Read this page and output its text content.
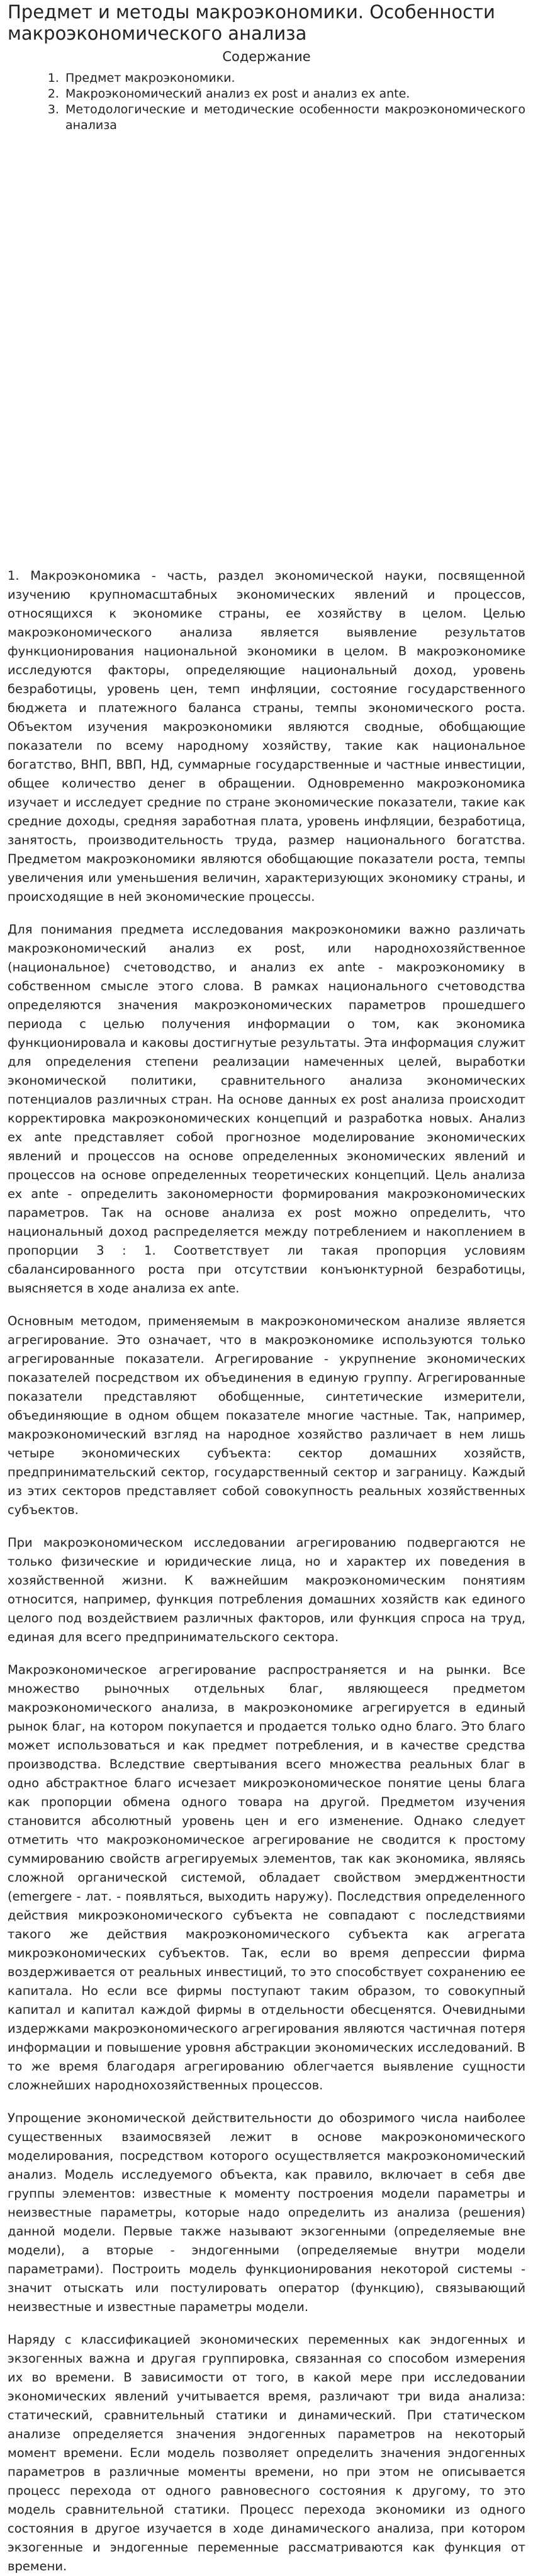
Предмет и методы макроэкономики. Особенности макроэкономического анализа
Содержание
1. Предмет макроэкономики.
2. Макроэкономический анализ ex post и анализ ex ante.
3. Методологические и методические особенности макроэкономического анализа

1. Макроэкономика - часть, раздел экономической науки, посвященной изучению крупномасштабных экономических явлений и процессов, относящихся к экономике страны, ее хозяйству в целом. Целью макроэкономического анализа является выявление результатов функционирования национальной экономики в целом. В макроэкономике исследуются факторы, определяющие национальный доход, уровень безработицы, уровень цен, темп инфляции, состояние государственного бюджета и платежного баланса страны, темпы экономического роста. Объектом изучения макроэкономики являются сводные, обобщающие показатели по всему народному хозяйству, такие как национальное богатство, ВНП, ВВП, НД, суммарные государственные и частные инвестиции, общее количество денег в обращении. Одновременно макроэкономика изучает и исследует средние по стране экономические показатели, такие как средние доходы, средняя заработная плата, уровень инфляции, безработица, занятость, производительность труда, размер национального богатства. Предметом макроэкономики являются обобщающие показатели роста, темпы увеличения или уменьшения величин, характеризующих экономику страны, и происходящие в ней экономические процессы.

Для понимания предмета исследования макроэкономики важно различать макроэкономический анализ ex post, или народнохозяйственное (национальное) счетоводство, и анализ ex ante - макроэкономику в собственном смысле этого слова. В рамках национального счетоводства определяются значения макроэкономических параметров прошедшего периода с целью получения информации о том, как экономика функционировала и каковы достигнутые результаты. Эта информация служит для определения степени реализации намеченных целей, выработки экономической политики, сравнительного анализа экономических потенциалов различных стран. На основе данных ex post анализа происходит корректировка макроэкономических концепций и разработка новых. Анализ ex ante представляет собой прогнозное моделирование экономических явлений и процессов на основе определенных экономических явлений и процессов на основе определенных теоретических концепций. Цель анализа ex ante - определить закономерности формирования макроэкономических параметров. Так на основе анализа ex post можно определить, что национальный доход распределяется между потреблением и накоплением в пропорции 3 : 1. Соответствует ли такая пропорция условиям сбалансированного роста при отсутствии конъюнктурной безработицы, выясняется в ходе анализа ex ante.

Основным методом, применяемым в макроэкономическом анализе является агрегирование. Это означает, что в макроэкономике используются только агрегированные показатели. Агрегирование - укрупнение экономических показателей посредством их объединения в единую группу. Агрегированные показатели представляют обобщенные, синтетические измерители, объединяющие в одном общем показателе многие частные. Так, например, макроэкономический взгляд на народное хозяйство различает в нем лишь четыре экономических субъекта: сектор домашних хозяйств, предпринимательский сектор, государственный сектор и заграницу. Каждый из этих секторов представляет собой совокупность реальных хозяйственных субъектов.

При макроэкономическом исследовании агрегированию подвергаются не только физические и юридические лица, но и характер их поведения в хозяйственной жизни. К важнейшим макроэкономическим понятиям относится, например, функция потребления домашних хозяйств как единого целого под воздействием различных факторов, или функция спроса на труд, единая для всего предпринимательского сектора.

Макроэкономическое агрегирование распространяется и на рынки. Все множество рыночных отдельных благ, являющееся предметом макроэкономического анализа, в макроэкономике агрегируется в единый рынок благ, на котором покупается и продается только одно благо. Это благо может использоваться и как предмет потребления, и в качестве средства производства. Вследствие свертывания всего множества реальных благ в одно абстрактное благо исчезает микроэкономическое понятие цены блага как пропорции обмена одного товара на другой. Предметом изучения становится абсолютный уровень цен и его изменение. Однако следует отметить что макроэкономическое агрегирование не сводится к простому суммированию свойств агрегируемых элементов, так как экономика, являясь сложной органической системой, обладает свойством эмерджентности (emergere - лат. - появляться, выходить наружу). Последствия определенного действия микроэкономического субъекта не совпадают с последствиями такого же действия макроэкономического субъекта как агрегата микроэкономических субъектов. Так, если во время депрессии фирма воздерживается от реальных инвестиций, то это способствует сохранению ее капитала. Но если все фирмы поступают таким образом, то совокупный капитал и капитал каждой фирмы в отдельности обесценятся. Очевидными издержками макроэкономического агрегирования являются частичная потеря информации и повышение уровня абстракции экономических исследований. В то же время благодаря агрегированию облегчается выявление сущности сложнейших народнохозяйственных процессов.

Упрощение экономической действительности до обозримого числа наиболее существенных взаимосвязей лежит в основе макроэкономического моделирования, посредством которого осуществляется макроэкономический анализ. Модель исследуемого объекта, как правило, включает в себя две группы элементов: известные к моменту построения модели параметры и неизвестные параметры, которые надо определить из анализа (решения) данной модели. Первые также называют экзогенными (определяемые вне модели), а вторые - эндогенными (определяемые внутри модели параметрами). Построить модель функционирования некоторой системы - значит отыскать или постулировать оператор (функцию), связывающий неизвестные и известные параметры модели.

Наряду с классификацией экономических переменных как эндогенных и экзогенных важна и другая группировка, связанная со способом измерения их во времени. В зависимости от того, в какой мере при исследовании экономических явлений учитывается время, различают три вида анализа: статический, сравнительный статики и динамический. При статическом анализе определяется значения эндогенных параметров на некоторый момент времени. Если модель позволяет определить значения эндогенных параметров в различные моменты времени, но при этом не описывается процесс перехода от одного равновесного состояния к другому, то это модель сравнительной статики. Процесс перехода экономики из одного состояния в другое изучается в ходе динамического анализа, при котором экзогенные и эндогенные переменные рассматриваются как функция от времени.
